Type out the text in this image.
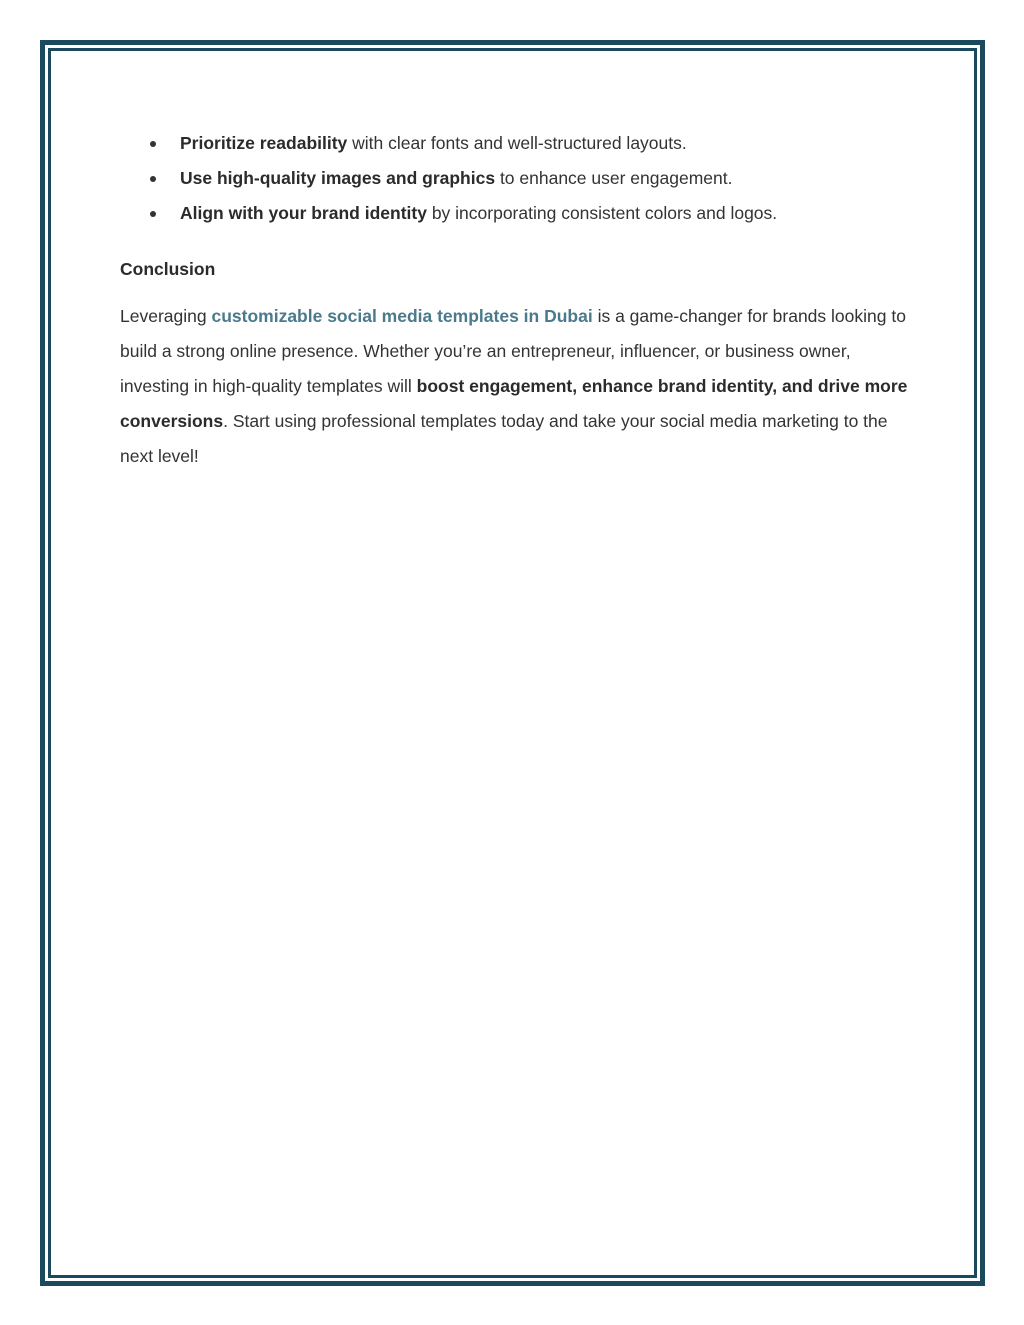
Prioritize readability with clear fonts and well-structured layouts.
Use high-quality images and graphics to enhance user engagement.
Align with your brand identity by incorporating consistent colors and logos.
Conclusion

Leveraging customizable social media templates in Dubai is a game-changer for brands looking to build a strong online presence. Whether you’re an entrepreneur, influencer, or business owner, investing in high-quality templates will boost engagement, enhance brand identity, and drive more conversions. Start using professional templates today and take your social media marketing to the next level!
